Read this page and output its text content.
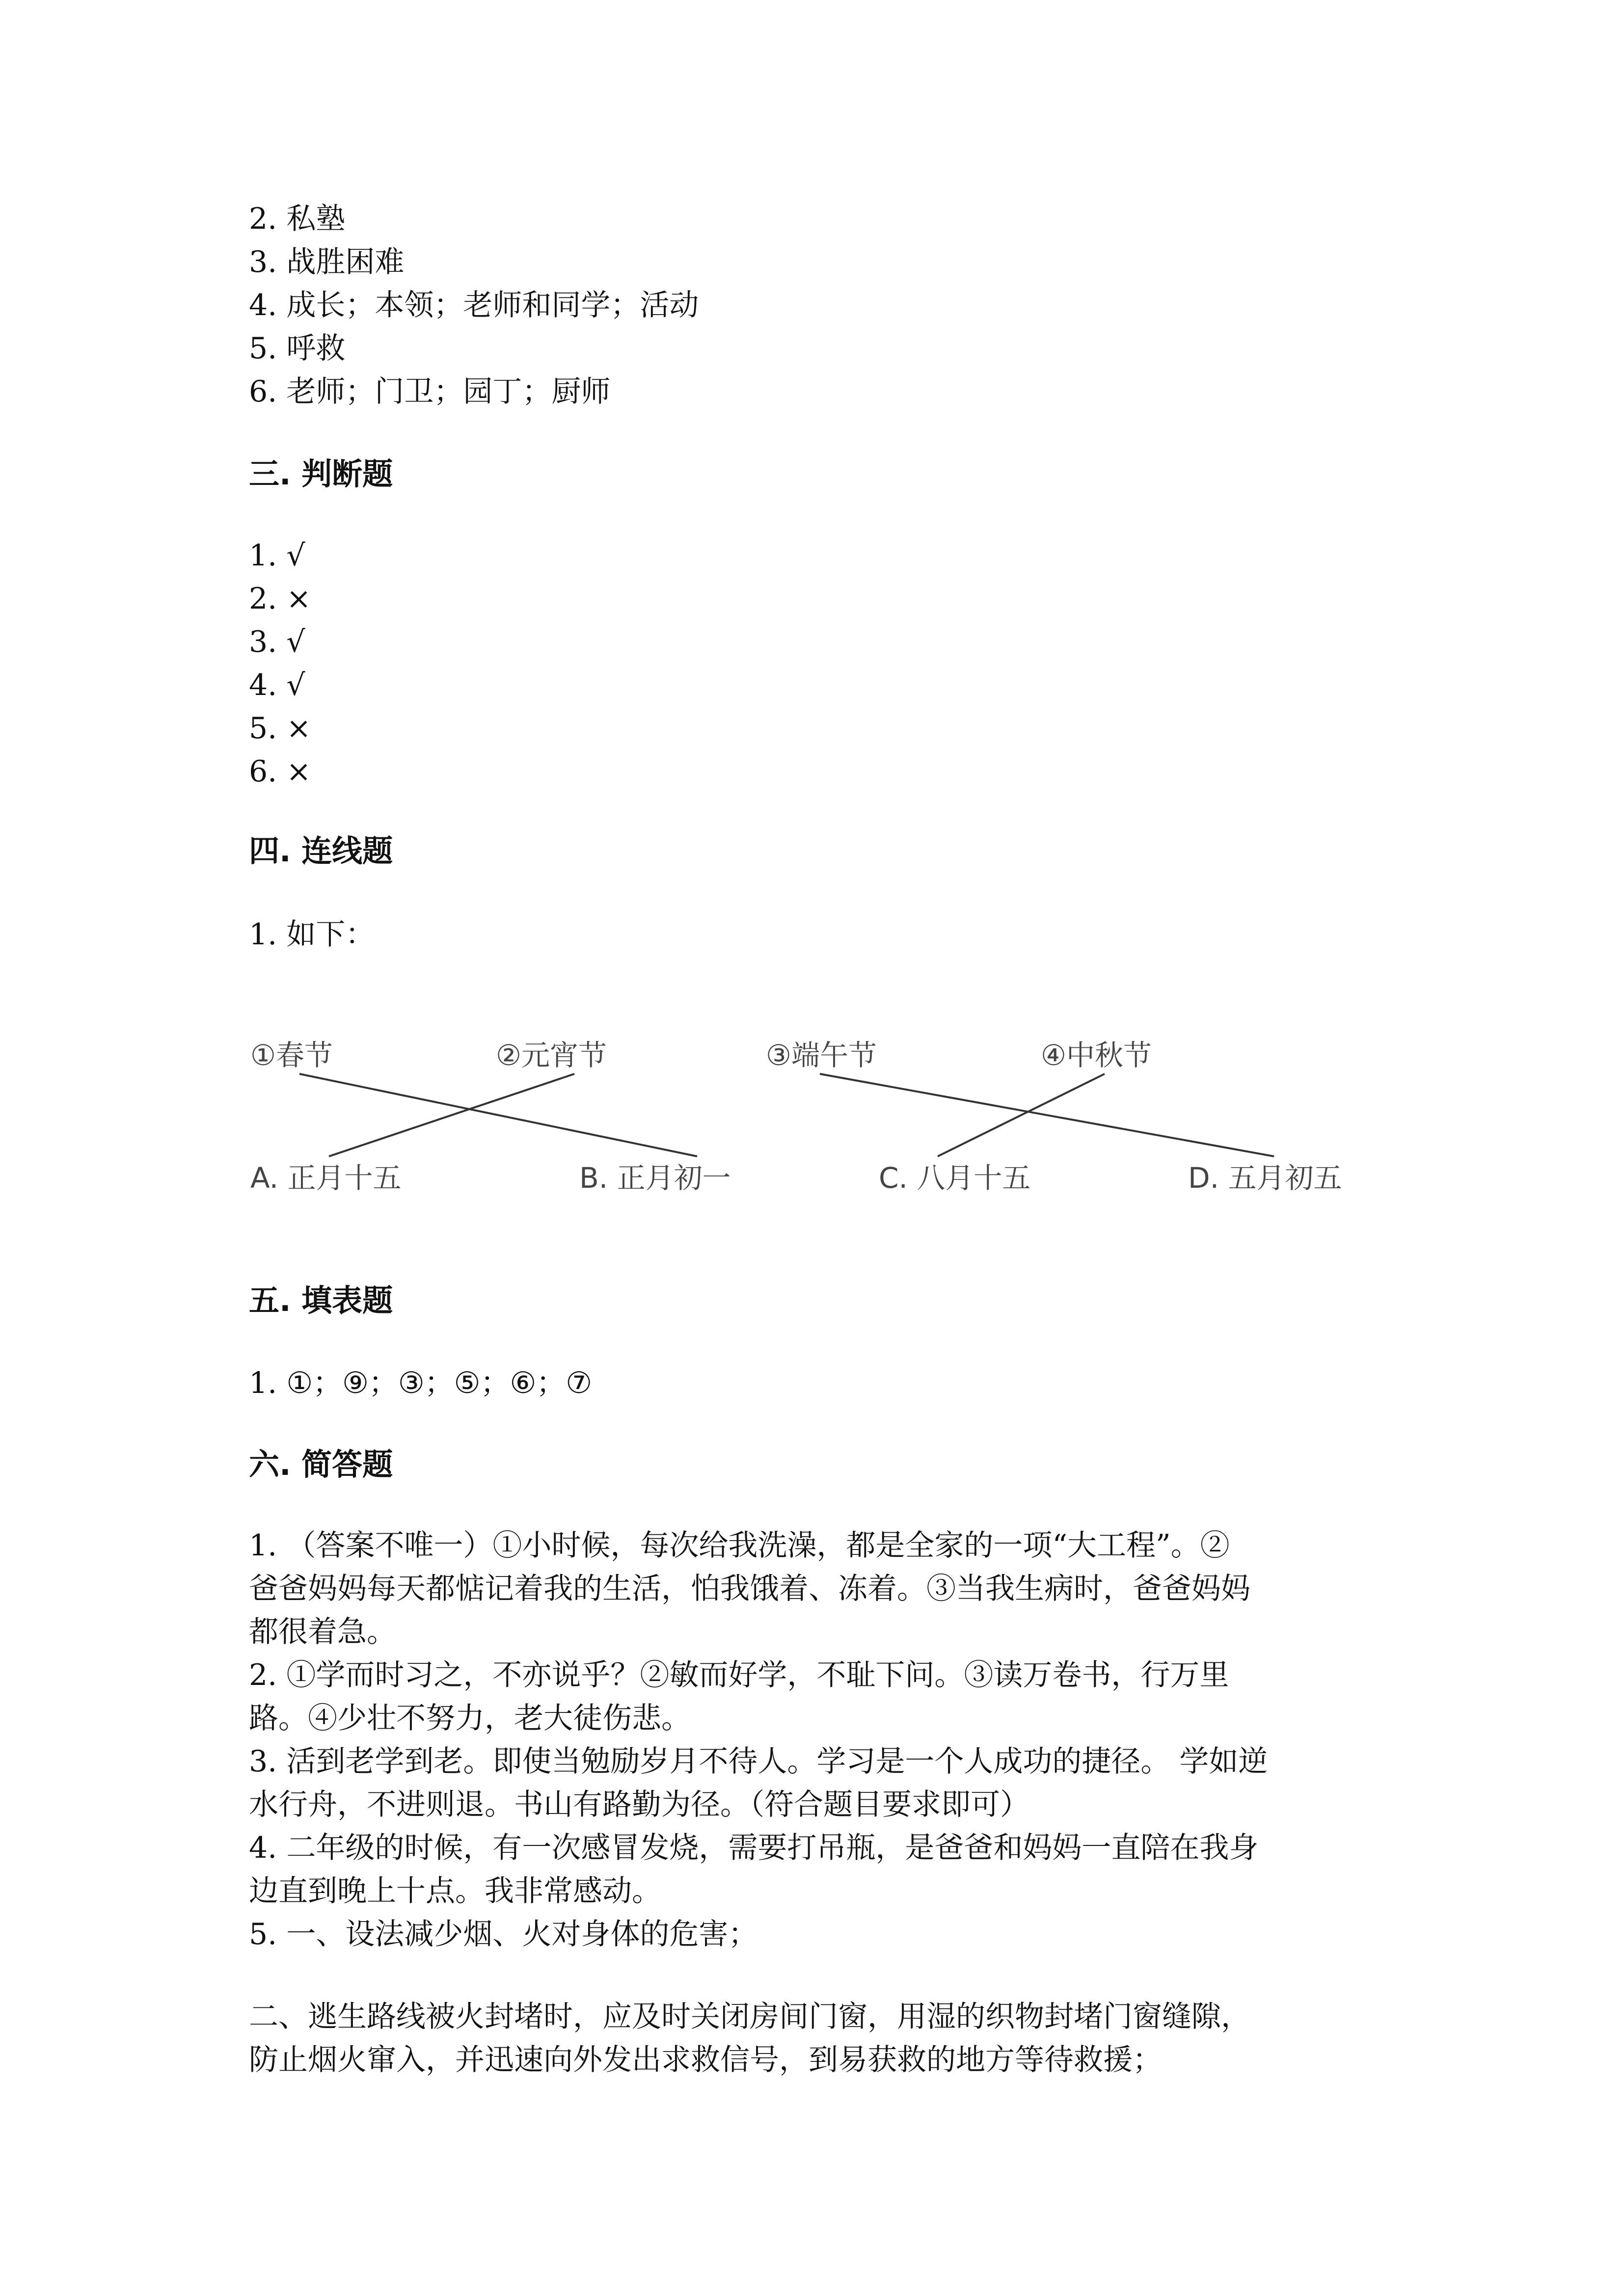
2. 私塾

3. 战胜困难

4. 成长；本领；老师和同学；活动

5. 呼救

6. 老师；门卫；园丁；厨师

三. 判断题

1. √

2. ×

3. √

4. √

5. ×

6. ×

四. 连线题

1. 如下：

①春节	②元宵节	③端午节	④中秋节
A. 正月十五	B. 正月初一	C. 八月十五	D. 五月初五
五. 填表题

1. ①；⑨；③；⑤；⑥；⑦

六. 简答题

1. （答案不唯一）①小时候，每次给我洗澡，都是全家的一项“大工程”。②

爸爸妈妈每天都惦记着我的生活，怕我饿着、冻着。③当我生病时，爸爸妈妈

都很着急。

2. ①学而时习之，不亦说乎？②敏而好学，不耻下问。③读万卷书，行万里

路。④少壮不努力，老大徒伤悲。

3. 活到老学到老。即使当勉励岁月不待人。学习是一个人成功的捷径。 学如逆

水行舟，不进则退。书山有路勤为径。（符合题目要求即可）

4. 二年级的时候，有一次感冒发烧，需要打吊瓶，是爸爸和妈妈一直陪在我身

边直到晚上十点。我非常感动。

5. 一、设法减少烟、火对身体的危害；

二、逃生路线被火封堵时，应及时关闭房间门窗，用湿的织物封堵门窗缝隙，

防止烟火窜入，并迅速向外发出求救信号，到易获救的地方等待救援；
